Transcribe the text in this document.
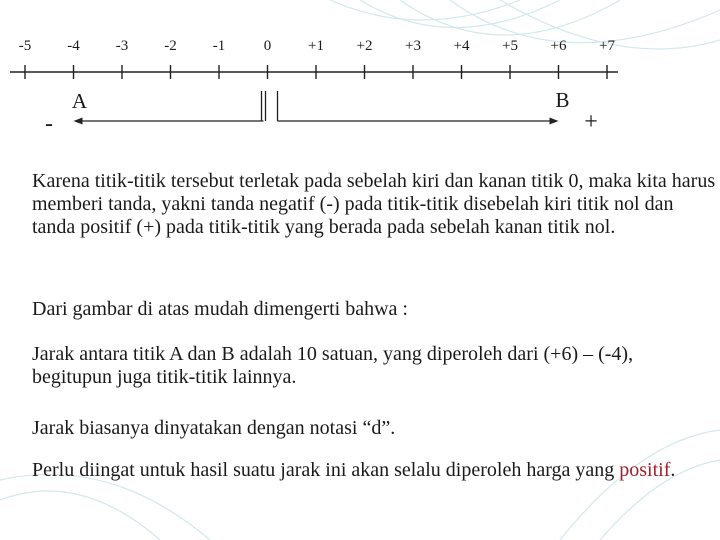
-5 -4 -3 -2 -1	0 +1 +2 +3 +4 +5 +6 +7
A	B
-	+

Karena titik-titik tersebut terletak pada sebelah kiri dan kanan titik 0, maka kita harus memberi tanda, yakni tanda negatif (-) pada titik-titik disebelah kiri titik nol dan tanda positif (+) pada titik-titik yang berada pada sebelah kanan titik nol.

Dari gambar di atas mudah dimengerti bahwa :

Jarak antara titik A dan B adalah 10 satuan, yang diperoleh dari (+6) – (-4), begitupun juga titik-titik lainnya.

Jarak biasanya dinyatakan dengan notasi “d”.

Perlu diingat untuk hasil suatu jarak ini akan selalu diperoleh harga yang positif.
